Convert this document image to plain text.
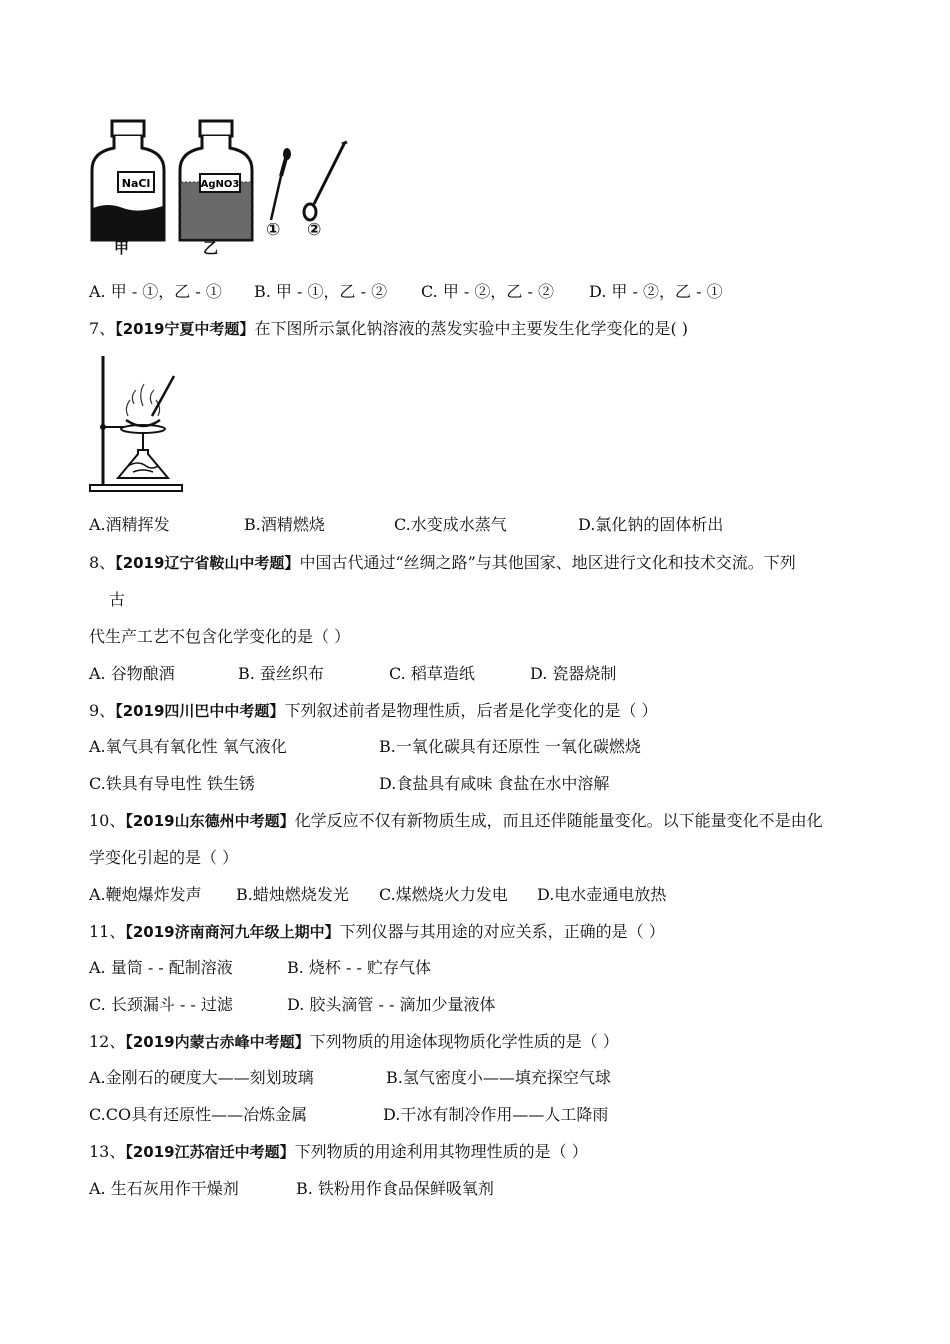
NaCl	AgNO3
甲	乙
① ②
A. 甲 - ①，乙 - ① B. 甲 - ①，乙 - ② C. 甲 - ②，乙 - ② D. 甲 - ②，乙 - ①
7、【2019宁夏中考题】在下图所示氯化钠溶液的蒸发实验中主要发生化学变化的是( )
A.酒精挥发	B.酒精燃烧	C.水变成水蒸气	D.氯化钠的固体析出
8、【2019辽宁省鞍山中考题】中国古代通过“丝绸之路”与其他国家、地区进行文化和技术交流。下列
古
代生产工艺不包含化学变化的是（ ）
A. 谷物酿酒	B. 蚕丝织布	C. 稻草造纸	D. 瓷器烧制
9、【2019四川巴中中考题】下列叙述前者是物理性质，后者是化学变化的是（ ）
A.氧气具有氧化性 氧气液化	B.一氧化碳具有还原性 一氧化碳燃烧
C.铁具有导电性 铁生锈	D.食盐具有咸味 食盐在水中溶解
10、【2019山东德州中考题】化学反应不仅有新物质生成，而且还伴随能量变化。以下能量变化不是由化
学变化引起的是（ ）
A.鞭炮爆炸发声 B.蜡烛燃烧发光 C.煤燃烧火力发电 D.电水壶通电放热
11、【2019济南商河九年级上期中】下列仪器与其用途的对应关系，正确的是（ ）
A. 量筒 - - 配制溶液	B. 烧杯 - - 贮存气体
C. 长颈漏斗 - - 过滤	D. 胶头滴管 - - 滴加少量液体
12、【2019内蒙古赤峰中考题】下列物质的用途体现物质化学性质的是（ ）
A.金刚石的硬度大——刻划玻璃	B.氢气密度小——填充探空气球
C.CO具有还原性——冶炼金属	D.干冰有制冷作用——人工降雨
13、【2019江苏宿迁中考题】下列物质的用途利用其物理性质的是（ ）
A. 生石灰用作干燥剂	B. 铁粉用作食品保鲜吸氧剂
